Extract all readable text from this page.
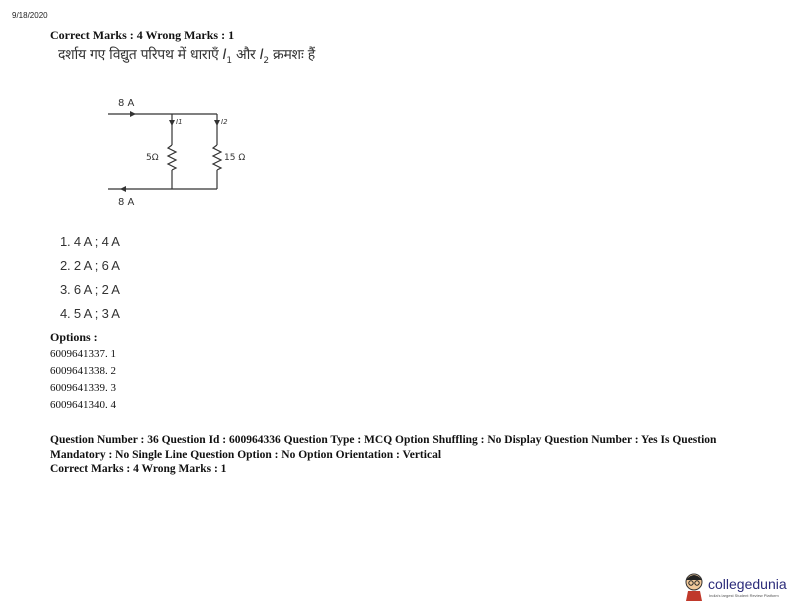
9/18/2020
Correct Marks : 4 Wrong Marks : 1
दर्शाय गए विद्युत परिपथ में धाराएँ $I_1$ और $I_2$ क्रमशः हैं
8 A
8 A
I1	I2
5Ω	15 Ω
1. 4 A ; 4 A
2. 2 A ; 6 A
3. 6 A ; 2 A
4. 5 A ; 3 A
Options :
6009641337. 1
6009641338. 2
6009641339. 3
6009641340. 4
Question Number : 36 Question Id : 600964336 Question Type : MCQ Option Shuffling : No Display Question Number : Yes Is Question Mandatory : No Single Line Question Option : No Option Orientation : Vertical
Correct Marks : 4 Wrong Marks : 1
collegedunia
India's largest Student Review Platform
